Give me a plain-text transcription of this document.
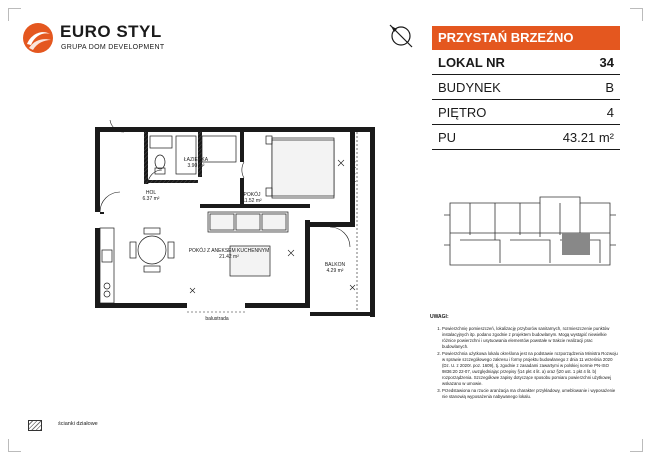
EURO STYL
GRUPA DOM DEVELOPMENT
PRZYSTAŃ BRZEŹNO
LOKAL NR	34
BUDYNEK	B
PIĘTRO	4
PU	43.21 m²
ŁAZIENKA
3.90 m²
HOL
6.37 m²
POKÓJ
11.52 m²
POKÓJ Z ANEKSEM KUCHENNYM
21.42 m²
BALKON
4.29 m²
balustrada
balustrada	UWAGI:
1. Powierzchnię pomieszczeń, lokalizację przyborów sanitarnych, rozmieszczenie punktów instalacyjnych itp. podano zgodnie z projektem budowlanym. Mogą wystąpić niewielkie różnice powierzchni i usytuowania elementów powstałe w trakcie realizacji prac budowlanych.
2. Powierzchnia użytkowa lokalu określona jest na podstawie rozporządzenia Ministra Rozwoju w sprawie szczegółowego zakresu i formy projektu budowlanego z dnia 11 września 2020 (Dz. U. z 2020r. poz. 1609), tj. zgodnie z zasadami zawartymi w polskiej normie PN-ISO 9836:20 22-07, uwzględniając przepisy §14 pkt 4 lit. a) oraz §20 ust. 1 pkt 4 lit. b) rozporządzenia. Szczegółowe zapisy dotyczące sposobu pomiaru powierzchni użytkowej wskazano w umowie.
3. Przedstawiona na rzucie aranżacja ma charakter przykładowy, umeblowanie i wyposażenie nie stanowią wyposażenia nabywanego lokalu.
ścianki działowe
